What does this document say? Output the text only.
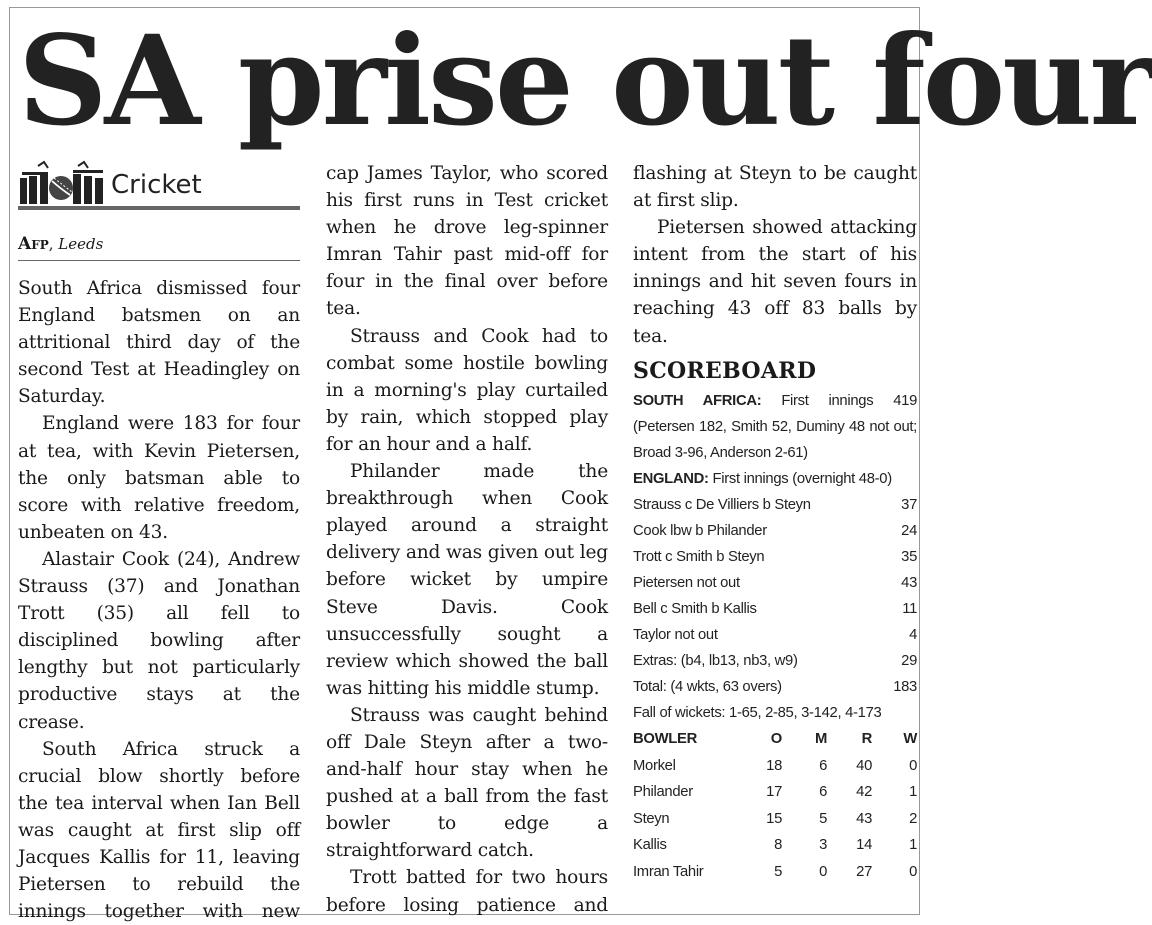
SA prise out four
Cricket
Afp, Leeds

South Africa dismissed four England batsmen on an attritional third day of the second Test at Headingley on Saturday.

England were 183 for four at tea, with Kevin Pietersen, the only batsman able to score with relative freedom, unbeaten on 43.

Alastair Cook (24), Andrew Strauss (37) and Jonathan Trott (35) all fell to disciplined bowling after lengthy but not particularly productive stays at the crease.

South Africa struck a crucial blow shortly before the tea interval when Ian Bell was caught at first slip off Jacques Kallis for 11, leaving Pietersen to rebuild the innings together with new

cap James Taylor, who scored his first runs in Test cricket when he drove leg-spinner Imran Tahir past mid-off for four in the final over before tea.

Strauss and Cook had to combat some hostile bowling in a morning's play curtailed by rain, which stopped play for an hour and a half.

Philander made the breakthrough when Cook played around a straight delivery and was given out leg before wicket by umpire Steve Davis. Cook unsuccessfully sought a review which showed the ball was hitting his middle stump.

Strauss was caught behind off Dale Steyn after a two-and-half hour stay when he pushed at a ball from the fast bowler to edge a straightforward catch.

Trott batted for two hours before losing patience and

flashing at Steyn to be caught at first slip.

Pietersen showed attacking intent from the start of his innings and hit seven fours in reaching 43 off 83 balls by tea.

SCOREBOARD
SOUTH AFRICA: First innings 419 (Petersen 182, Smith 52, Duminy 48 not out; Broad 3-96, Anderson 2-61)
ENGLAND: First innings (overnight 48-0)
Strauss c De Villiers b Steyn	37
Cook lbw b Philander	24
Trott c Smith b Steyn	35
Pietersen not out	43
Bell c Smith b Kallis	11
Taylor not out	4
Extras: (b4, lb13, nb3, w9)	29
Total: (4 wkts, 63 overs)	183
Fall of wickets: 1-65, 2-85, 3-142, 4-173
BOWLER	O	M	R	W
Morkel	18	6	40	0
Philander	17	6	42	1
Steyn	15	5	43	2
Kallis	8	3	14	1
Imran Tahir	5	0	27	0
